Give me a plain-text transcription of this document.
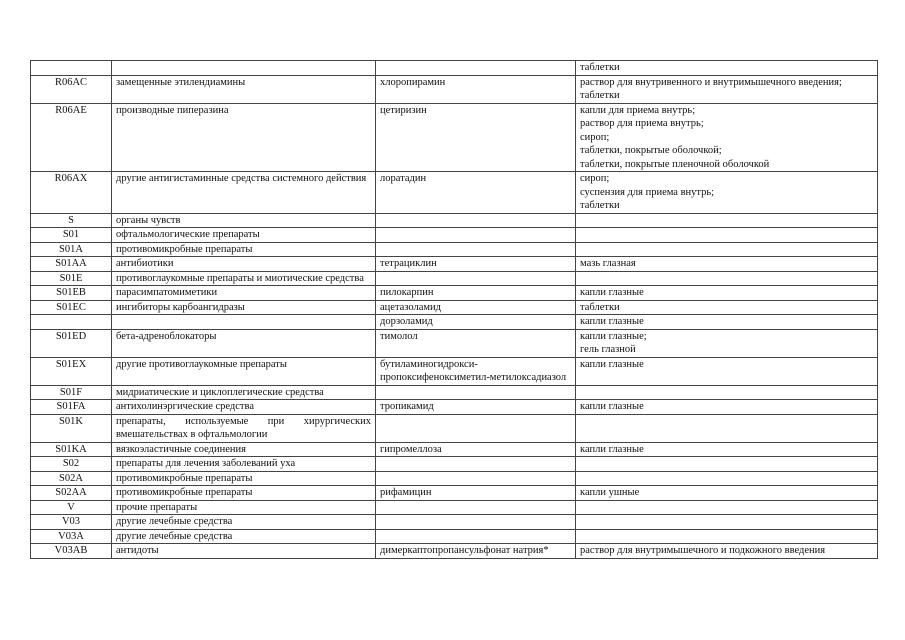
			таблетки

R06AC	замещенные этилендиамины	хлоропирамин	раствор для внутривенного и внутримышечного введения;
таблетки

R06AE	производные пиперазина	цетиризин	капли для приема внутрь;
раствор для приема внутрь;
сироп;
таблетки, покрытые оболочкой;
таблетки, покрытые пленочной оболочкой

R06AX	другие антигистаминные средства системного действия	лоратадин	сироп;
суспензия для приема внутрь;
таблетки

S	органы чувств		
S01	офтальмологические препараты		
S01A	противомикробные препараты		
S01AA	антибиотики	тетрациклин	мазь глазная

S01E	противоглаукомные препараты и миотические средства		
S01EB	парасимпатомиметики	пилокарпин	капли глазные

S01EC	ингибиторы карбоангидразы	ацетазоламид	таблетки

		дорзоламид	капли глазные

S01ED	бета-адреноблокаторы	тимолол	капли глазные;
гель глазной

S01EX	другие противоглаукомные препараты	бутиламиногидрокси-пропоксифеноксиметил-метилоксадиазол	капли глазные

S01F	мидриатические и циклоплегические средства		
S01FA	антихолинэргические средства	тропикамид	капли глазные

S01K	препараты, используемые при хирургических вмешательствах в офтальмологии		
S01KA	вязкоэластичные соединения	гипромеллоза	капли глазные

S02	препараты для лечения заболеваний уха		
S02A	противомикробные препараты		
S02AA	противомикробные препараты	рифамицин	капли ушные

V	прочие препараты		
V03	другие лечебные средства		
V03A	другие лечебные средства		
V03AB	антидоты	димеркаптопропансульфонат натрия*	раствор для внутримышечного и подкожного введения
